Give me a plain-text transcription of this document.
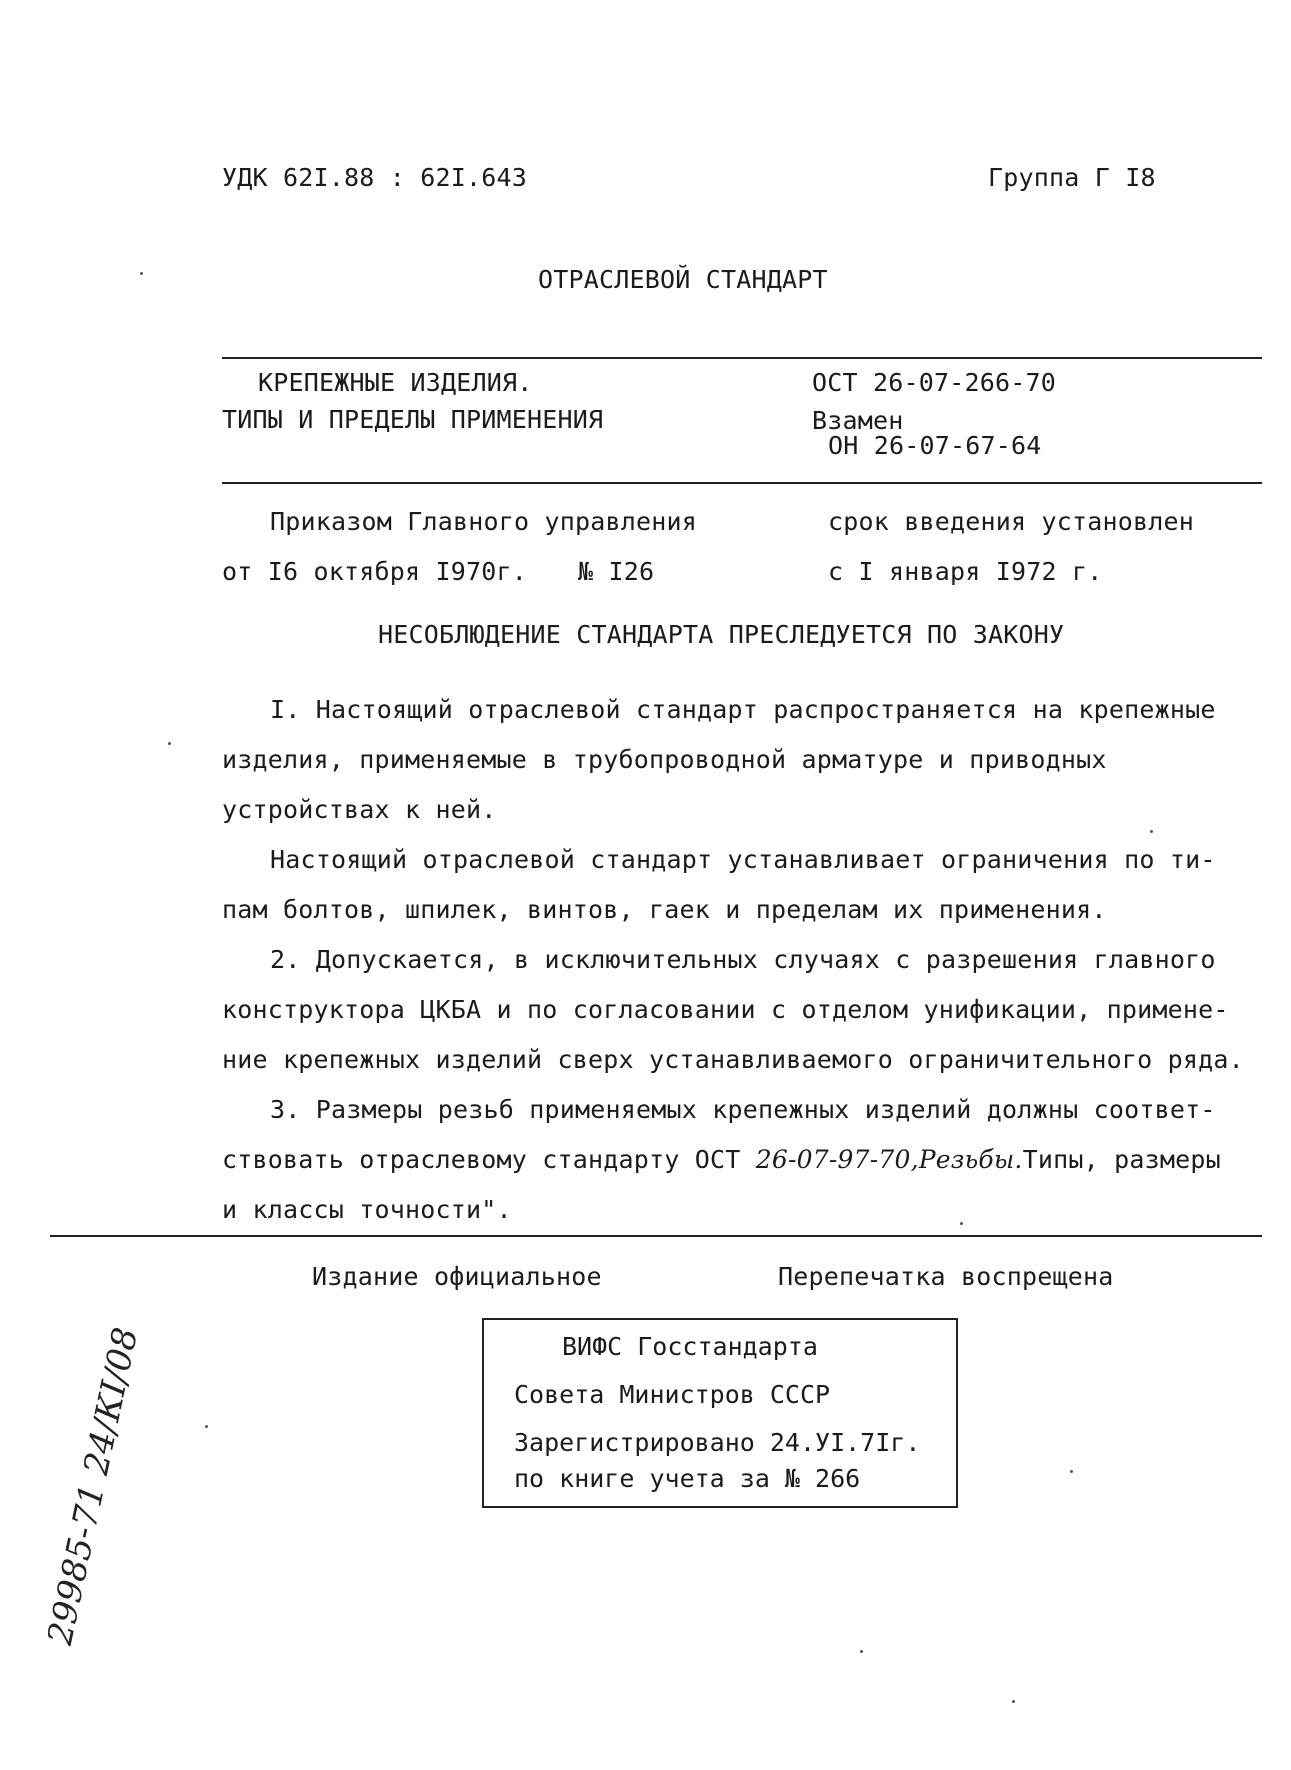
УДК 62I.88 : 62I.643	Группа Г I8
ОТРАСЛЕВОЙ СТАНДАРТ
КРЕПЕЖНЫЕ ИЗДЕЛИЯ.
ТИПЫ И ПРЕДЕЛЫ ПРИМЕНЕНИЯ
ОСТ 26-07-266-70
Взамен
ОН 26-07-67-64
Приказом Главного управления
от I6 октября I970г. № I26
срок введения установлен
с I января I972 г.
НЕСОБЛЮДЕНИЕ СТАНДАРТА ПРЕСЛЕДУЕТСЯ ПО ЗАКОНУ
I. Настоящий отраслевой стандарт распространяется на крепежные
изделия, применяемые в трубопроводной арматуре и приводных
устройствах к ней.
Настоящий отраслевой стандарт устанавливает ограничения по ти-
пам болтов, шпилек, винтов, гаек и пределам их применения.
2. Допускается, в исключительных случаях с разрешения главного
конструктора ЦКБА и по согласовании с отделом унификации, примене-
ние крепежных изделий сверх устанавливаемого ограничительного ряда.
3. Размеры резьб применяемых крепежных изделий должны соответ-
ствовать отраслевому стандарту ОСТ 26-07-97-70,Резьбы.Типы, размеры
и классы точности".
Издание официальное	Перепечатка воспрещена
ВИФС Госстандарта
Совета Министров СССР
Зарегистрировано 24.УI.7Iг.
по книге учета за № 266
29985-71 24/КI/08
